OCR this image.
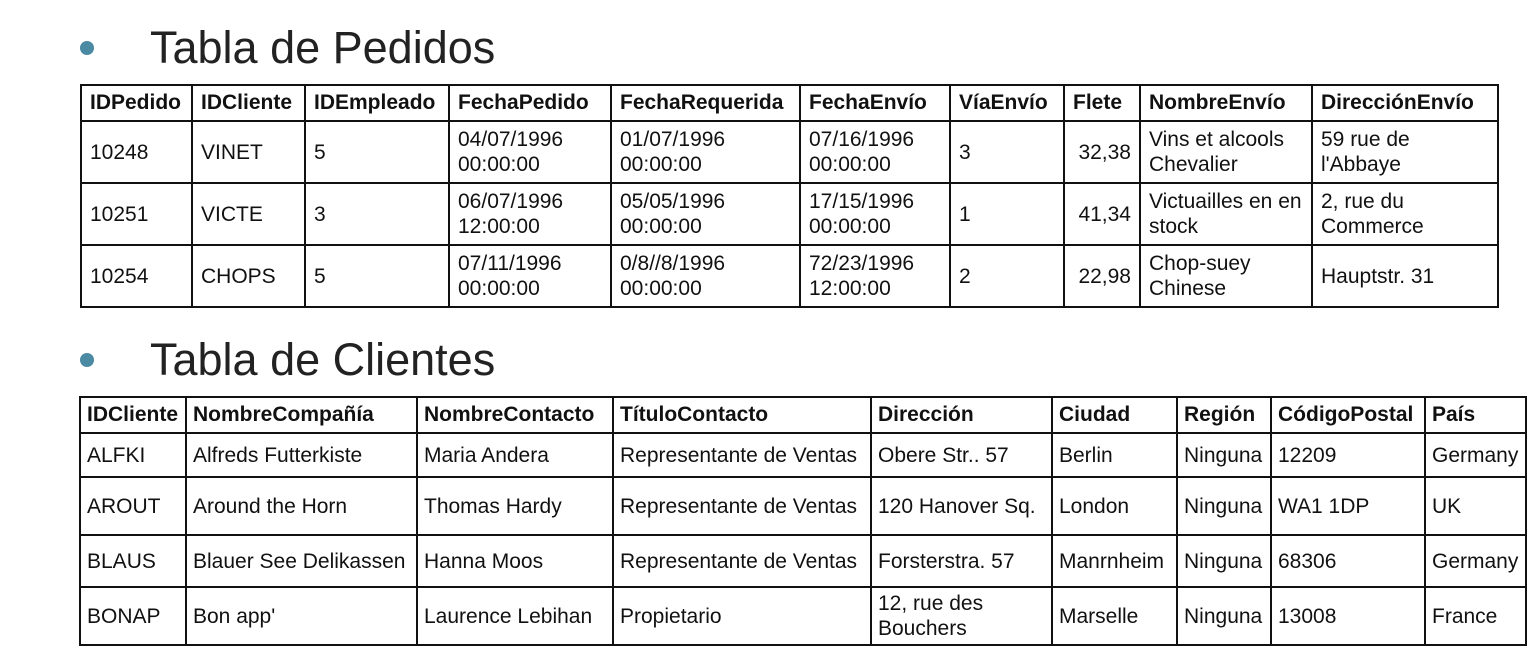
Tabla de Pedidos
IDPedido	IDCliente	IDEmpleado	FechaPedido	FechaRequerida	FechaEnvío	VíaEnvío	Flete	NombreEnvío	DirecciónEnvío
10248	VINET	5	04/07/1996 00:00:00	01/07/1996 00:00:00	07/16/1996 00:00:00	3	32,38	Vins et alcools Chevalier	59 rue de l'Abbaye
10251	VICTE	3	06/07/1996 12:00:00	05/05/1996 00:00:00	17/15/1996 00:00:00	1	41,34	Victuailles en en stock	2, rue du Commerce
10254	CHOPS	5	07/11/1996 00:00:00	0/8//8/1996 00:00:00	72/23/1996 12:00:00	2	22,98	Chop-suey Chinese	Hauptstr. 31
Tabla de Clientes
IDCliente	NombreCompañía	NombreContacto	TítuloContacto	Dirección	Ciudad	Región	CódigoPostal	País
ALFKI	Alfreds Futterkiste	Maria Andera	Representante de Ventas	Obere Str.. 57	Berlin	Ninguna	12209	Germany
AROUT	Around the Horn	Thomas Hardy	Representante de Ventas	120 Hanover Sq.	London	Ninguna	WA1 1DP	UK
BLAUS	Blauer See Delikassen	Hanna Moos	Representante de Ventas	Forsterstra. 57	Manrnheim	Ninguna	68306	Germany
BONAP	Bon app'	Laurence Lebihan	Propietario	12, rue des Bouchers	Marselle	Ninguna	13008	France
